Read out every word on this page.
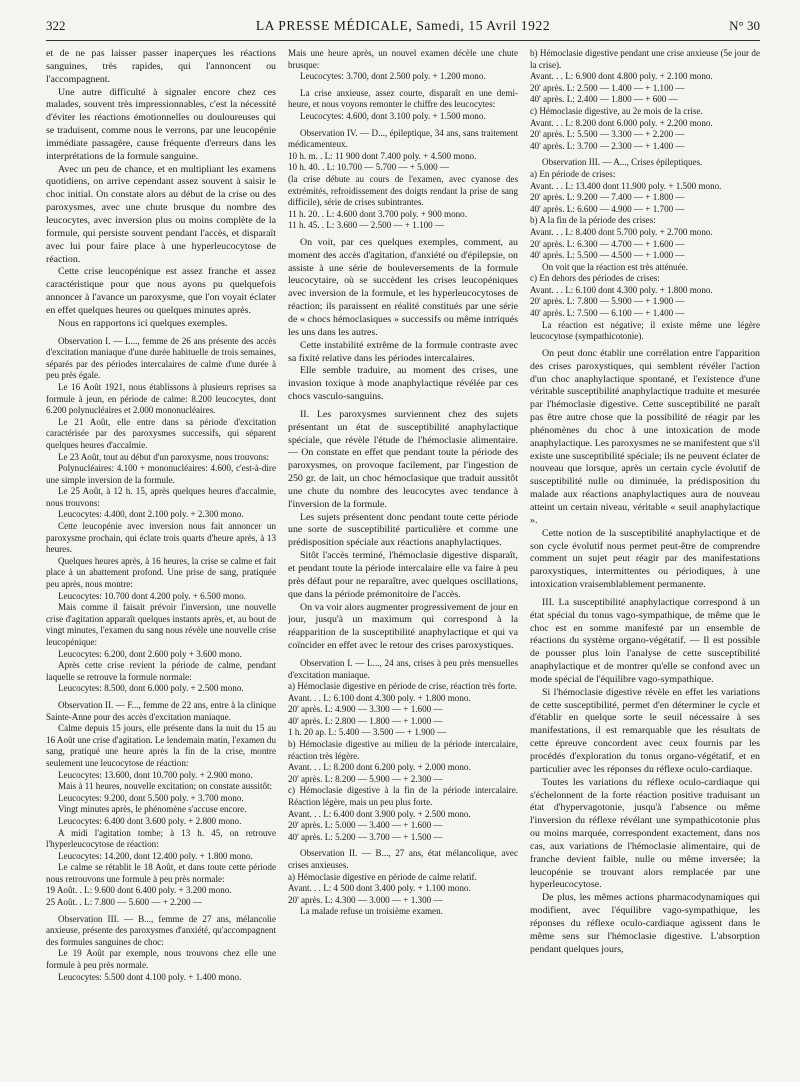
322	LA PRESSE MÉDICALE, Samedi, 15 Avril 1922	N° 30

et de ne pas laisser passer inaperçues les réactions sanguines, très rapides, qui l'annoncent ou l'accompagnent.

Une autre difficulté à signaler encore chez ces malades, souvent très impressionnables, c'est la nécessité d'éviter les réactions émotionnelles ou douloureuses qui se traduisent, comme nous le verrons, par une leucopénie immédiate passagère, cause fréquente d'erreurs dans les interprétations de la formule sanguine.

Avec un peu de chance, et en multipliant les examens quotidiens, on arrive cependant assez souvent à saisir le choc initial. On constate alors au début de la crise ou des paroxysmes, avec une chute brusque du nombre des leucocytes, avec inversion plus ou moins complète de la formule, qui persiste souvent pendant l'accès, et disparaît avec lui pour faire place à une hyperleucocytose de réaction.

Cette crise leucopénique est assez franche et assez caractéristique pour que nous ayons pu quelquefois annoncer à l'avance un paroxysme, que l'on voyait éclater en effet quelques heures ou quelques minutes après.

Nous en rapportons ici quelques exemples.

Observation I. — L..., femme de 26 ans présente des accès d'excitation maniaque d'une durée habituelle de trois semaines, séparés par des périodes intercalaires de calme d'une durée à peu près égale.

Le 16 Août 1921, nous établissons à plusieurs reprises sa formule à jeun, en période de calme: 8.200 leucocytes, dont 6.200 polynucléaires et 2.000 mononucléaires.

Le 21 Août, elle entre dans sa période d'excitation caractérisée par des paroxysmes successifs, qui séparent quelques heures d'accalmie.

Le 23 Août, tout au début d'un paroxysme, nous trouvons:

Polynucléaires: 4.100 + mononucléaires: 4.600, c'est-à-dire une simple inversion de la formule.

Le 25 Août, à 12 h. 15, après quelques heures d'accalmie, nous trouvons:

Leucocytes: 4.400, dont 2.100 poly. + 2.300 mono.

Cette leucopénie avec inversion nous fait annoncer un paroxysme prochain, qui éclate trois quarts d'heure après, à 13 heures.

Quelques heures après, à 16 heures, la crise se calme et fait place à un abattement profond. Une prise de sang, pratiquée peu après, nous montre:

Leucocytes: 10.700 dont 4.200 poly. + 6.500 mono.

Mais comme il faisait prévoir l'inversion, une nouvelle crise d'agitation apparaît quelques instants après, et, au bout de vingt minutes, l'examen du sang nous révèle une nouvelle crise leucopénique:

Leucocytes: 6.200, dont 2.600 poly + 3.600 mono.

Après cette crise revient la période de calme, pendant laquelle se retrouve la formule normale:

Leucocytes: 8.500, dont 6.000 poly. + 2.500 mono.

Observation II. — F..., femme de 22 ans, entre à la clinique Sainte-Anne pour des accès d'excitation maniaque.

Calme depuis 15 jours, elle présente dans la nuit du 15 au 16 Août une crise d'agitation. Le lendemain matin, l'examen du sang, pratiqué une heure après la fin de la crise, montre seulement une leucocytose de réaction:

Leucocytes: 13.600, dont 10.700 poly. + 2.900 mono.

Mais à 11 heures, nouvelle excitation; on constate aussitôt:

Leucocytes: 9.200, dont 5.500 poly. + 3.700 mono.

Vingt minutes après, le phénomène s'accuse encore.

Leucocytes: 6.400 dont 3.600 poly. + 2.800 mono.

A midi l'agitation tombe; à 13 h. 45, on retrouve l'hyperleucocytose de réaction:

Leucocytes: 14.200, dont 12.400 poly. + 1.800 mono.

Le calme se rétablit le 18 Août, et dans toute cette période nous retrouvons une formule à peu près normale:

19 Août. . L: 9.600 dont 6.400 poly. + 3.200 mono.

25 Août. . L: 7.800 — 5.600 — + 2.200 —

Observation III. — B..., femme de 27 ans, mélancolie anxieuse, présente des paroxysmes d'anxiété, qu'accompagnent des formules sanguines de choc:

Le 19 Août par exemple, nous trouvons chez elle une formule à peu près normale.

Leucocytes: 5.500 dont 4.100 poly. + 1.400 mono.

Mais une heure après, un nouvel examen décèle une chute brusque:

Leucocytes: 3.700, dont 2.500 poly. + 1.200 mono.

La crise anxieuse, assez courte, disparaît en une demi-heure, et nous voyons remonter le chiffre des leucocytes:

Leucocytes: 4.600, dont 3.100 poly. + 1.500 mono.

Observation IV. — D..., épileptique, 34 ans, sans traitement médicamenteux.

10 h. m. . L: 11 900 dont 7.400 poly. + 4.500 mono.

10 h. 40. . L: 10.700 — 5.700 — + 5.000 —

(la crise débute au cours de l'examen, avec cyanose des extrémités, refroidissement des doigts rendant la prise de sang difficile), série de crises subintrantes.

11 h. 20. . L: 4.600 dont 3.700 poly. + 900 mono.

11 h. 45. . L: 3.600 — 2.500 — + 1.100 —

On voit, par ces quelques exemples, comment, au moment des accès d'agitation, d'anxiété ou d'épilepsie, on assiste à une série de bouleversements de la formule leucocytaire, où se succèdent les crises leucopéniques avec inversion de la formule, et les hyperleucocytoses de réaction; ils paraissent en réalité constitués par une série de « chocs hémoclasiques » successifs ou même intriqués les uns dans les autres.

Cette instabilité extrême de la formule contraste avec sa fixité relative dans les périodes intercalaires.

Elle semble traduire, au moment des crises, une invasion toxique à mode anaphylactique révélée par ces chocs vasculo-sanguins.

II. Les paroxysmes surviennent chez des sujets présentant un état de susceptibilité anaphylactique spéciale, que révèle l'étude de l'hémoclasie alimentaire. — On constate en effet que pendant toute la période des paroxysmes, on provoque facilement, par l'ingestion de 250 gr. de lait, un choc hémoclasique que traduit aussitôt une chute du nombre des leucocytes avec tendance à l'inversion de la formule.

Les sujets présentent donc pendant toute cette période une sorte de susceptibilité particulière et comme une prédisposition spéciale aux réactions anaphylactiques.

Sitôt l'accès terminé, l'hémoclasie digestive disparaît, et pendant toute la période intercalaire elle va faire à peu près défaut pour ne reparaître, avec quelques oscillations, que dans la période prémonitoire de l'accès.

On va voir alors augmenter progressivement de jour en jour, jusqu'à un maximum qui correspond à la réapparition de la susceptibilité anaphylactique et qui va coïncider en effet avec le retour des crises paroxystiques.

Observation I. — L..., 24 ans, crises à peu près mensuelles d'excitation maniaque.

a) Hémoclasie digestive en période de crise, réaction très forte.

Avant. . . L: 6.100 dont 4.300 poly. + 1.800 mono.

20' après. L: 4.900 — 3.300 — + 1.600 —

40' après. L: 2.800 — 1.800 — + 1.000 —

1 h. 20 ap. L: 5.400 — 3.500 — + 1.900 —

b) Hémoclasie digestive au milieu de la période intercalaire, réaction très légère.

Avant. . . L: 8.200 dont 6.200 poly. + 2.000 mono.

20' après. L: 8.200 — 5.900 — + 2.300 —

c) Hémoclasie digestive à la fin de la période intercalaire. Réaction légère, mais un peu plus forte.

Avant. . . L: 6.400 dont 3.900 poly. + 2.500 mono.

20' après. L: 5.000 — 3.400 — + 1.600 —

40' après. L: 5.200 — 3.700 — + 1.500 —

Observation II. — B..., 27 ans, état mélancolique, avec crises anxieuses.

a) Hémoclasie digestive en période de calme relatif.

Avant. . . L: 4 500 dont 3.400 poly. + 1.100 mono.

20' après. L: 4.300 — 3.000 — + 1.300 —

La malade refuse un troisième examen.

b) Hémoclasie digestive pendant une crise anxieuse (5e jour de la crise).

Avant. . . L: 6.900 dont 4.800 poly. + 2.100 mono.

20' après. L: 2.500 — 1.400 — + 1.100 —

40' après. L: 2.400 — 1.800 — + 600 —

c) Hémoclasie digestive, au 2e mois de la crise.

Avant. . . L: 8.200 dont 6.000 poly. + 2.200 mono.

20' après. L: 5.500 — 3.300 — + 2.200 —

40' après. L: 3.700 — 2.300 — + 1.400 —

Observation III. — A..., Crises épileptiques.

a) En période de crises:

Avant. . . L: 13.400 dont 11.900 poly. + 1.500 mono.

20' après. L: 9.200 — 7.400 — + 1.800 —

40' après. L: 6.600 — 4.900 — + 1.700 —

b) A la fin de la période des crises:

Avant. . . L: 8.400 dont 5.700 poly. + 2.700 mono.

20' après. L: 6.300 — 4.700 — + 1.600 —

40' après. L: 5.500 — 4.500 — + 1.000 —

On voit que la réaction est très atténuée.

c) En dehors des périodes de crises:

Avant. . . L: 6.100 dont 4.300 poly. + 1.800 mono.

20' après. L: 7.800 — 5.900 — + 1.900 —

40' après. L: 7.500 — 6.100 — + 1.400 —

La réaction est négative; il existe même une légère leucocytose (sympathicotonie).

On peut donc établir une corrélation entre l'apparition des crises paroxystiques, qui semblent révéler l'action d'un choc anaphylactique spontané, et l'existence d'une véritable susceptibilité anaphylactique traduite et mesurée par l'hémoclasie digestive. Cette susceptibilité ne paraît pas être autre chose que la possibilité de réagir par les phénomènes du choc à une intoxication de mode anaphylactique. Les paroxysmes ne se manifestent que s'il existe une susceptibilité spéciale; ils ne peuvent éclater de nouveau que lorsque, après un certain cycle évolutif de susceptibilité nulle ou diminuée, la prédisposition du malade aux réactions anaphylactiques aura de nouveau atteint un certain niveau, véritable « seuil anaphylactique ».

Cette notion de la susceptibilité anaphylactique et de son cycle évolutif nous permet peut-être de comprendre comment un sujet peut réagir par des manifestations paroxystiques, intermittentes ou périodiques, à une intoxication vraisemblablement permanente.

III. La susceptibilité anaphylactique correspond à un état spécial du tonus vago-sympathique, de même que le choc est en somme manifesté par un ensemble de réactions du système organo-végétatif. — Il est possible de pousser plus loin l'analyse de cette susceptibilité anaphylactique et de montrer qu'elle se confond avec un mode spécial de l'équilibre vago-sympathique.

Si l'hémoclasie digestive révèle en effet les variations de cette susceptibilité, permet d'en déterminer le cycle et d'établir en quelque sorte le seuil nécessaire à ses manifestations, il est remarquable que les résultats de cette épreuve concordent avec ceux fournis par les procédés d'exploration du tonus organo-végétatif, et en particulier avec les réponses du réflexe oculo-cardiaque.

Toutes les variations du réflexe oculo-cardiaque qui s'échelonnent de la forte réaction positive traduisant un état d'hypervagotonie, jusqu'à l'absence ou même l'inversion du réflexe révélant une sympathicotonie plus ou moins marquée, correspondent exactement, dans nos cas, aux variations de l'hémoclasie alimentaire, qui de franche devient faible, nulle ou même inversée; la leucopénie se trouvant alors remplacée par une hyperleucocytose.

De plus, les mêmes actions pharmacodynamiques qui modifient, avec l'équilibre vago-sympathique, les réponses du réflexe oculo-cardiaque agissent dans le même sens sur l'hémoclasie digestive. L'absorption pendant quelques jours,
